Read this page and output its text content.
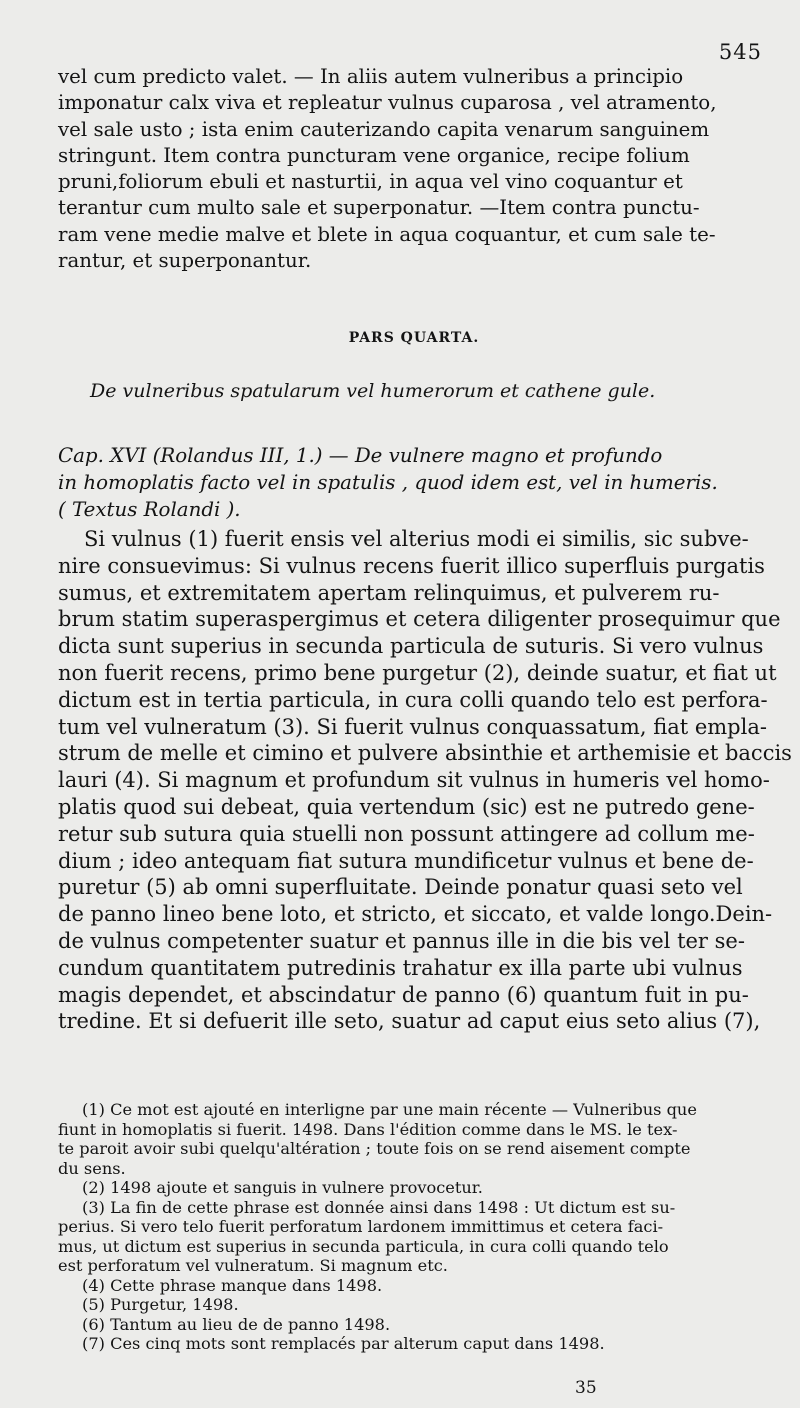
545
vel cum predicto valet. — In aliis autem vulneribus a principio
imponatur calx viva et repleatur vulnus cuparosa , vel atramento,
vel sale usto ; ista enim cauterizando capita venarum sanguinem
stringunt. Item contra puncturam vene organice, recipe folium
pruni,foliorum ebuli et nasturtii, in aqua vel vino coquantur et
terantur cum multo sale et superponatur. —Item contra punctu-
ram vene medie malve et blete in aqua coquantur, et cum sale te-
rantur, et superponantur.
PARS QUARTA.
De vulneribus spatularum vel humerorum et cathene gule.
Cap. XVI (Rolandus III, 1.) — De vulnere magno et profundo
in homoplatis facto vel in spatulis , quod idem est, vel in humeris.
( Textus Rolandi ).
Si vulnus (1) fuerit ensis vel alterius modi ei similis, sic subve-
nire consuevimus: Si vulnus recens fuerit illico superfluis purgatis
sumus, et extremitatem apertam relinquimus, et pulverem ru-
brum statim superaspergimus et cetera diligenter prosequimur que
dicta sunt superius in secunda particula de suturis. Si vero vulnus
non fuerit recens, primo bene purgetur (2), deinde suatur, et fiat ut
dictum est in tertia particula, in cura colli quando telo est perfora-
tum vel vulneratum (3). Si fuerit vulnus conquassatum, fiat empla-
strum de melle et cimino et pulvere absinthie et arthemisie et baccis
lauri (4). Si magnum et profundum sit vulnus in humeris vel homo-
platis quod sui debeat, quia vertendum (sic) est ne putredo gene-
retur sub sutura quia stuelli non possunt attingere ad collum me-
dium ; ideo antequam fiat sutura mundificetur vulnus et bene de-
puretur (5) ab omni superfluitate. Deinde ponatur quasi seto vel
de panno lineo bene loto, et stricto, et siccato, et valde longo.Dein-
de vulnus competenter suatur et pannus ille in die bis vel ter se-
cundum quantitatem putredinis trahatur ex illa parte ubi vulnus
magis dependet, et abscindatur de panno (6) quantum fuit in pu-
tredine. Et si defuerit ille seto, suatur ad caput eius seto alius (7),
(1) Ce mot est ajouté en interligne par une main récente — Vulneribus que
fiunt in homoplatis si fuerit. 1498. Dans l'édition comme dans le MS. le tex-
te paroit avoir subi quelqu'altération ; toute fois on se rend aisement compte
du sens.
(2) 1498 ajoute et sanguis in vulnere provocetur.
(3) La fin de cette phrase est donnée ainsi dans 1498 : Ut dictum est su-
perius. Si vero telo fuerit perforatum lardonem immittimus et cetera faci-
mus, ut dictum est superius in secunda particula, in cura colli quando telo
est perforatum vel vulneratum. Si magnum etc.
(4) Cette phrase manque dans 1498.
(5) Purgetur, 1498.
(6) Tantum au lieu de de panno 1498.
(7) Ces cinq mots sont remplacés par alterum caput dans 1498.
35
